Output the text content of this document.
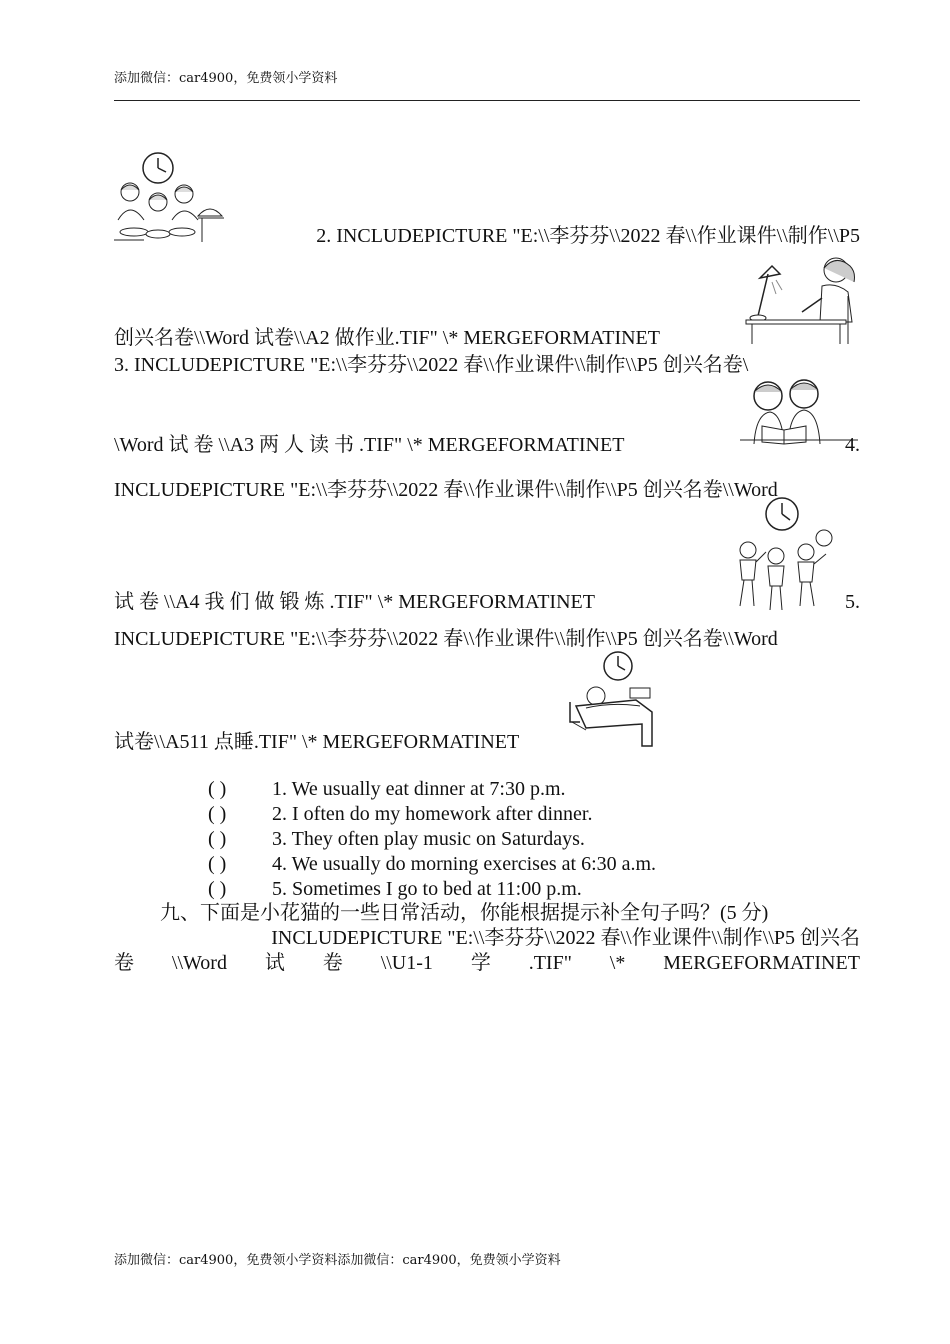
添加微信：car4900，免费领小学资料
2. INCLUDEPICTURE "E:\\李芬芬\\2022 春\\作业课件\\制作\\P5
创兴名卷\\Word 试卷\\A2 做作业.TIF" \* MERGEFORMATINET
3. INCLUDEPICTURE "E:\\李芬芬\\2022 春\\作业课件\\制作\\P5 创兴名卷\
\Word 试 卷 \\A3 两 人 读 书 .TIF" \* MERGEFORMATINET	4.
INCLUDEPICTURE "E:\\李芬芬\\2022 春\\作业课件\\制作\\P5 创兴名卷\\Word
试 卷 \\A4 我 们 做 锻 炼 .TIF" \* MERGEFORMATINET	5.
INCLUDEPICTURE "E:\\李芬芬\\2022 春\\作业课件\\制作\\P5 创兴名卷\\Word
试卷\\A511 点睡.TIF" \* MERGEFORMATINET
( ) 1. We usually eat dinner at 7:30 p.m.
( ) 2. I often do my homework after dinner.
( ) 3. They often play music on Saturdays.
( ) 4. We usually do morning exercises at 6:30 a.m.
( ) 5. Sometimes I go to bed at 11:00 p.m.
九、下面是小花猫的一些日常活动，你能根据提示补全句子吗？(5 分)
INCLUDEPICTURE "E:\\李芬芬\\2022 春\\作业课件\\制作\\P5 创兴名
卷 \\Word 试 卷 \\U1-1 学 .TIF" \* MERGEFORMATINET
添加微信：car4900，免费领小学资料添加微信：car4900，免费领小学资料
